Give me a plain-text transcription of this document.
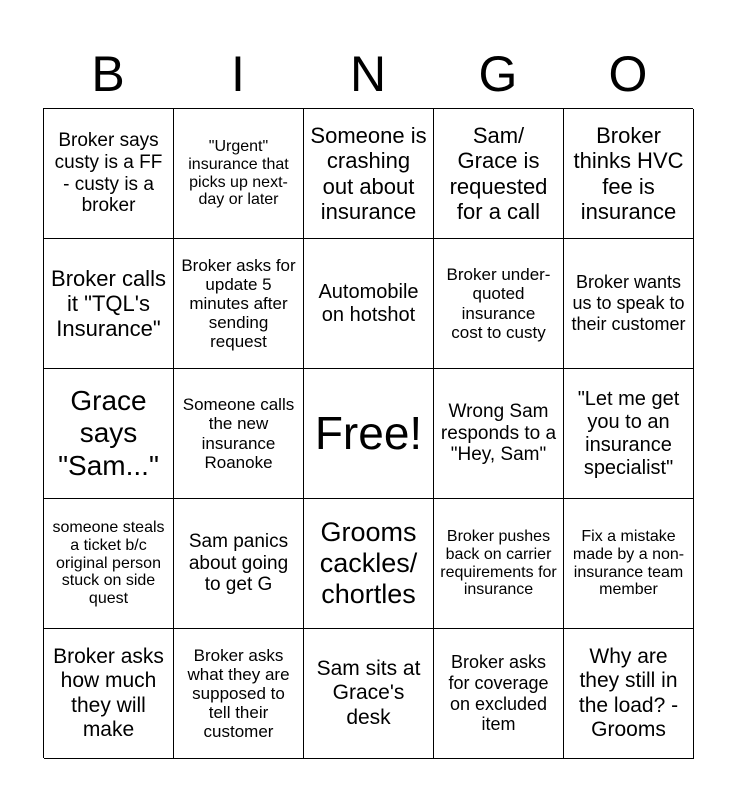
B	I	N	G	O
Broker says custy is a FF - custy is a broker
"Urgent" insurance that picks up next-day or later
Someone is crashing out about insurance
Sam/ Grace is requested for a call
Broker thinks HVC fee is insurance
Broker calls it "TQL's Insurance"
Broker asks for update 5 minutes after sending request
Automobile on hotshot
Broker under-quoted insurance cost to custy
Broker wants us to speak to their customer
Grace says "Sam..."
Someone calls the new insurance Roanoke
Free!	Wrong Sam responds to a "Hey, Sam"
"Let me get you to an insurance specialist"
someone steals a ticket b/c original person stuck on side quest
Sam panics about going to get G
Grooms cackles/ chortles
Broker pushes back on carrier requirements for insurance
Fix a mistake made by a non-insurance team member
Broker asks how much they will make
Broker asks what they are supposed to tell their customer
Sam sits at Grace's desk
Broker asks for coverage on excluded item
Why are they still in the load? - Grooms
